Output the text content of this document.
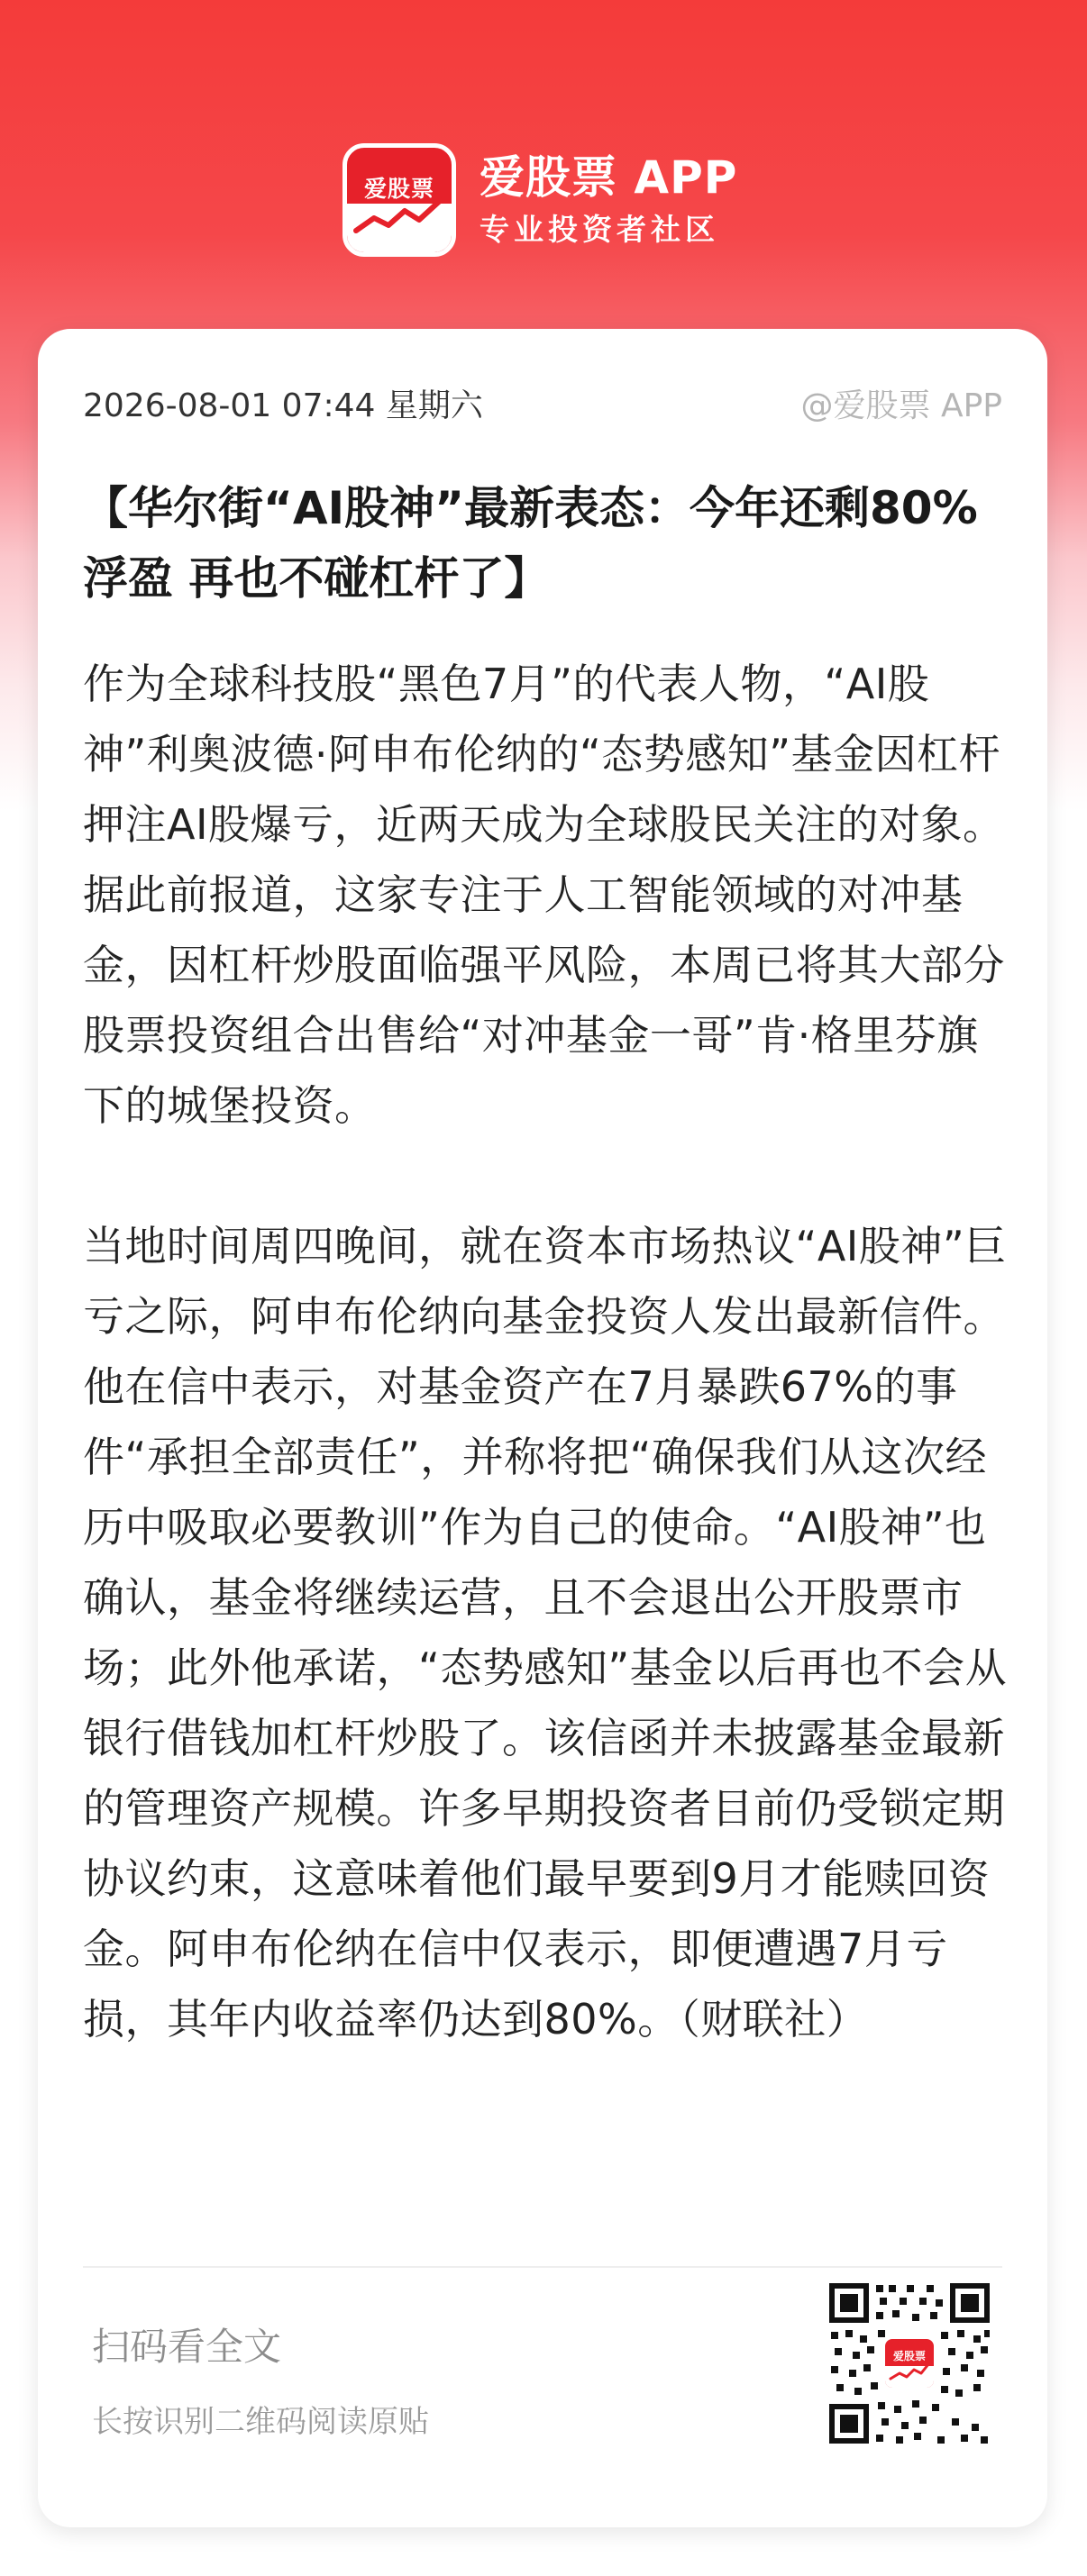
爱股票	爱股票 APP
专业投资者社区
2026-08-01 07:44 星期六	@爱股票 APP
【华尔街“AI股神”最新表态：今年还剩80%浮盈 再也不碰杠杆了】

作为全球科技股“黑色7月”的代表人物，“AI股神”利奥波德·阿申布伦纳的“态势感知”基金因杠杆押注AI股爆亏，近两天成为全球股民关注的对象。据此前报道，这家专注于人工智能领域的对冲基金，因杠杆炒股面临强平风险，本周已将其大部分股票投资组合出售给“对冲基金一哥”肯·格里芬旗下的城堡投资。

当地时间周四晚间，就在资本市场热议“AI股神”巨亏之际，阿申布伦纳向基金投资人发出最新信件。他在信中表示，对基金资产在7月暴跌67%的事件“承担全部责任”，并称将把“确保我们从这次经历中吸取必要教训”作为自己的使命。“AI股神”也确认，基金将继续运营，且不会退出公开股票市场；此外他承诺，“态势感知”基金以后再也不会从银行借钱加杠杆炒股了。该信函并未披露基金最新的管理资产规模。许多早期投资者目前仍受锁定期协议约束，这意味着他们最早要到9月才能赎回资金。阿申布伦纳在信中仅表示，即便遭遇7月亏损，其年内收益率仍达到80%。（财联社）

扫码看全文
长按识别二维码阅读原贴
爱股票
